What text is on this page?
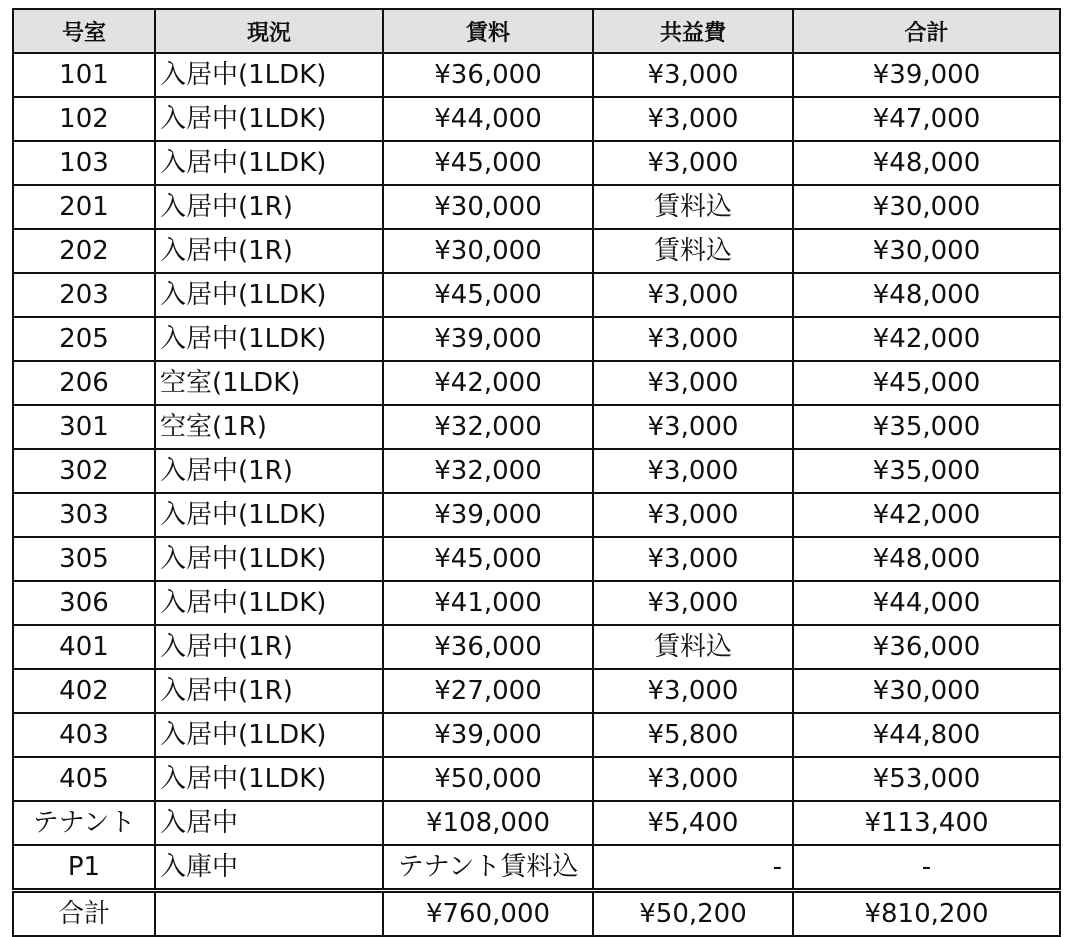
号室	現況	賃料	共益費	合計
101	入居中(1LDK)	¥36,000	¥3,000	¥39,000
102	入居中(1LDK)	¥44,000	¥3,000	¥47,000
103	入居中(1LDK)	¥45,000	¥3,000	¥48,000
201	入居中(1R)	¥30,000	賃料込	¥30,000
202	入居中(1R)	¥30,000	賃料込	¥30,000
203	入居中(1LDK)	¥45,000	¥3,000	¥48,000
205	入居中(1LDK)	¥39,000	¥3,000	¥42,000
206	空室(1LDK)	¥42,000	¥3,000	¥45,000
301	空室(1R)	¥32,000	¥3,000	¥35,000
302	入居中(1R)	¥32,000	¥3,000	¥35,000
303	入居中(1LDK)	¥39,000	¥3,000	¥42,000
305	入居中(1LDK)	¥45,000	¥3,000	¥48,000
306	入居中(1LDK)	¥41,000	¥3,000	¥44,000
401	入居中(1R)	¥36,000	賃料込	¥36,000
402	入居中(1R)	¥27,000	¥3,000	¥30,000
403	入居中(1LDK)	¥39,000	¥5,800	¥44,800
405	入居中(1LDK)	¥50,000	¥3,000	¥53,000
テナント	入居中	¥108,000	¥5,400	¥113,400
P1	入庫中	テナント賃料込	-	-
合計		¥760,000	¥50,200	¥810,200
